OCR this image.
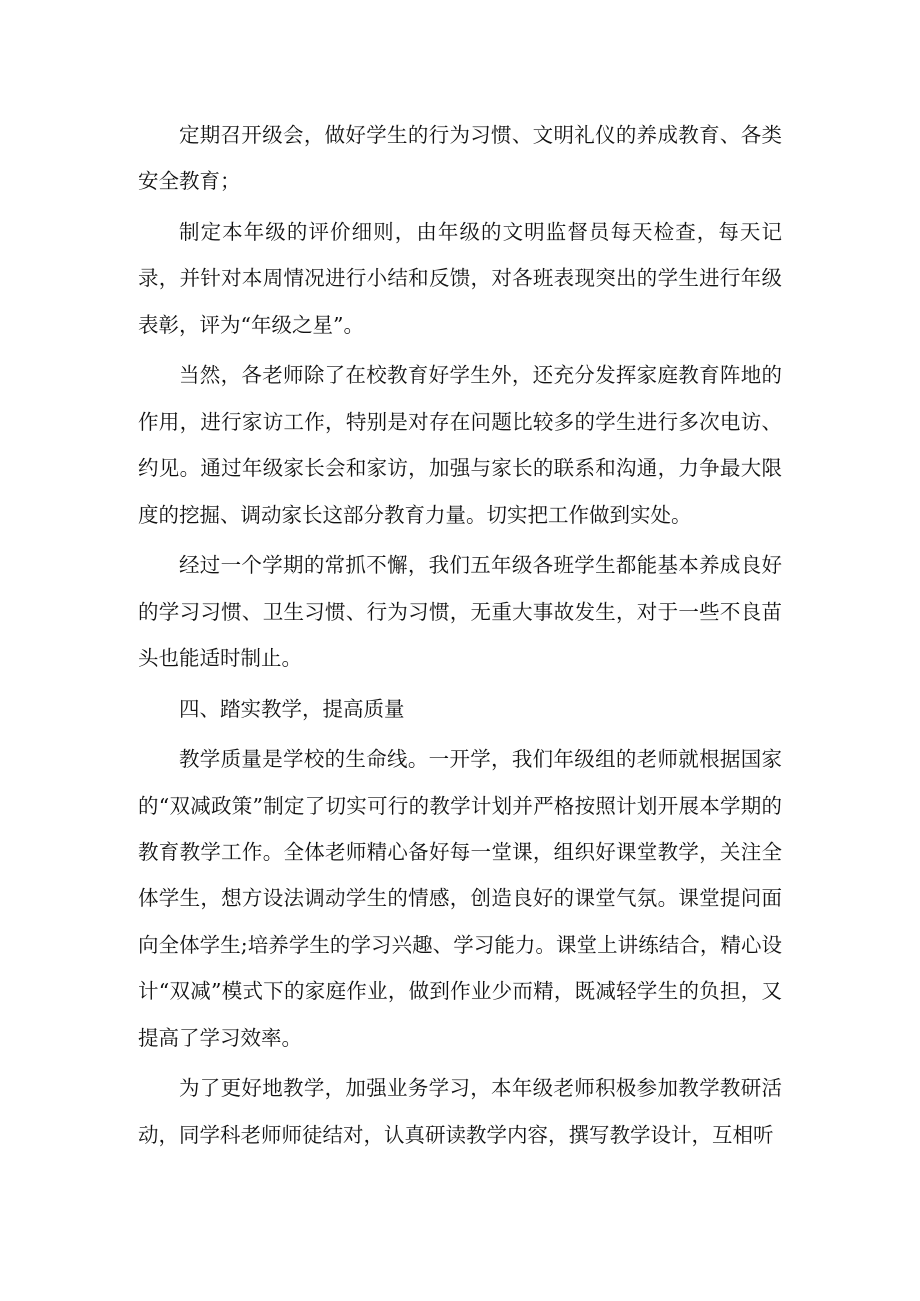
定期召开级会，做好学生的行为习惯、文明礼仪的养成教育、各类安全教育；

制定本年级的评价细则，由年级的文明监督员每天检查，每天记录，并针对本周情况进行小结和反馈，对各班表现突出的学生进行年级表彰，评为“年级之星”。

当然，各老师除了在校教育好学生外，还充分发挥家庭教育阵地的作用，进行家访工作，特别是对存在问题比较多的学生进行多次电访、约见。通过年级家长会和家访，加强与家长的联系和沟通，力争最大限度的挖掘、调动家长这部分教育力量。切实把工作做到实处。

经过一个学期的常抓不懈，我们五年级各班学生都能基本养成良好的学习习惯、卫生习惯、行为习惯，无重大事故发生，对于一些不良苗头也能适时制止。

四、踏实教学，提高质量

教学质量是学校的生命线。一开学，我们年级组的老师就根据国家的“双减政策”制定了切实可行的教学计划并严格按照计划开展本学期的教育教学工作。全体老师精心备好每一堂课，组织好课堂教学，关注全体学生，想方设法调动学生的情感，创造良好的课堂气氛。课堂提问面向全体学生;培养学生的学习兴趣、学习能力。课堂上讲练结合，精心设计“双减”模式下的家庭作业，做到作业少而精，既减轻学生的负担，又提高了学习效率。

为了更好地教学，加强业务学习，本年级老师积极参加教学教研活动，同学科老师师徒结对，认真研读教学内容，撰写教学设计，互相听
